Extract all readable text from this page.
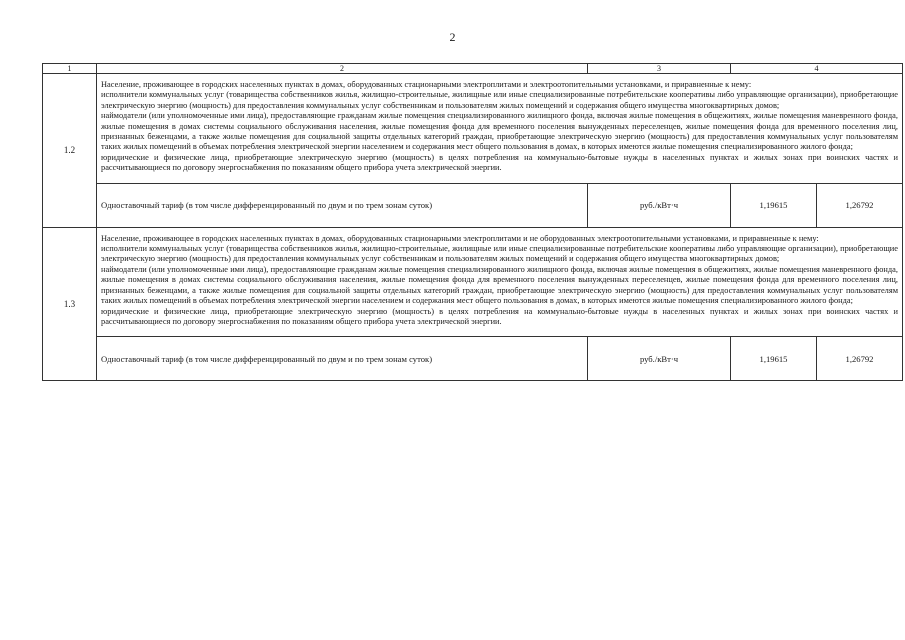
2
1	2	3	4	
1.2	Население, проживающее в городских населенных пунктах в домах, оборудованных стационарными электроплитами и электроотопительными установками, и приравненные к нему:
исполнители коммунальных услуг (товарищества собственников жилья, жилищно-строительные, жилищные или иные специализированные потребительские кооперативы либо управляющие организации), приобретающие электрическую энергию (мощность) для предоставления коммунальных услуг собственникам и пользователям жилых помещений и содержания общего имущества многоквартирных домов;
наймодатели (или уполномоченные ими лица), предоставляющие гражданам жилые помещения специализированного жилищного фонда, включая жилые помещения в общежитиях, жилые помещения маневренного фонда, жилые помещения в домах системы социального обслуживания населения, жилые помещения фонда для временного поселения вынужденных переселенцев, жилые помещения фонда для временного поселения лиц, признанных беженцами, а также жилые помещения для социальной защиты отдельных категорий граждан, приобретающие электрическую энергию (мощность) для предоставления коммунальных услуг пользователям таких жилых помещений в объемах потребления электрической энергии населением и содержания мест общего пользования в домах, в которых имеются жилые помещения специализированного жилого фонда;
юридические и физические лица, приобретающие электрическую энергию (мощность) в целях потребления на коммунально-бытовые нужды в населенных пунктах и жилых зонах при воинских частях и рассчитывающиеся по договору энергоснабжения по показаниям общего прибора учета электрической энергии.			

	Одноставочный тариф (в том числе дифференцированный по двум и по трем зонам суток)	руб./кВт·ч	1,19615	1,26792
1.3	Население, проживающее в городских населенных пунктах в домах, оборудованных стационарными электроплитами и не оборудованных электроотопительными установками, и приравненные к нему:
исполнители коммунальных услуг (товарищества собственников жилья, жилищно-строительные, жилищные или иные специализированные потребительские кооперативы либо управляющие организации), приобретающие электрическую энергию (мощность) для предоставления коммунальных услуг собственникам и пользователям жилых помещений и содержания общего имущества многоквартирных домов;
наймодатели (или уполномоченные ими лица), предоставляющие гражданам жилые помещения специализированного жилищного фонда, включая жилые помещения в общежитиях, жилые помещения маневренного фонда, жилые помещения в домах системы социального обслуживания населения, жилые помещения фонда для временного поселения вынужденных переселенцев, жилые помещения фонда для временного поселения лиц, признанных беженцами, а также жилые помещения для социальной защиты отдельных категорий граждан, приобретающие электрическую энергию (мощность) для предоставления коммунальных услуг пользователям таких жилых помещений в объемах потребления электрической энергии населением и содержания мест общего пользования в домах, в которых имеются жилые помещения специализированного жилого фонда;
юридические и физические лица, приобретающие электрическую энергию (мощность) в целях потребления на коммунально-бытовые нужды в населенных пунктах и жилых зонах при воинских частях и рассчитывающиеся по договору энергоснабжения по показаниям общего прибора учета электрической энергии.			

	Одноставочный тариф (в том числе дифференцированный по двум и по трем зонам суток)	руб./кВт·ч	1,19615	1,26792
